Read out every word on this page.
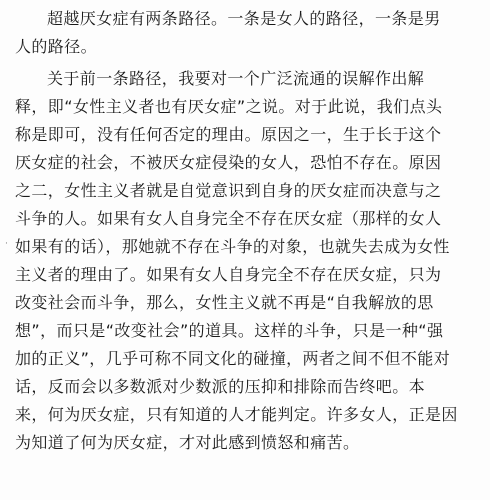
超越厌女症有两条路径。一条是女人的路径，一条是男
人的路径。
关于前一条路径，我要对一个广泛流通的误解作出解
释，即“女性主义者也有厌女症”之说。对于此说，我们点头
称是即可，没有任何否定的理由。原因之一，生于长于这个
厌女症的社会，不被厌女症侵染的女人，恐怕不存在。原因
之二，女性主义者就是自觉意识到自身的厌女症而决意与之
斗争的人。如果有女人自身完全不存在厌女症（那样的女人
如果有的话），那她就不存在斗争的对象，也就失去成为女性
主义者的理由了。如果有女人自身完全不存在厌女症，只为
改变社会而斗争，那么，女性主义就不再是“自我解放的思
想”，而只是“改变社会”的道具。这样的斗争，只是一种“强
加的正义”，几乎可称不同文化的碰撞，两者之间不但不能对
话，反而会以多数派对少数派的压抑和排除而告终吧。本
来，何为厌女症，只有知道的人才能判定。许多女人，正是因
为知道了何为厌女症，才对此感到愤怒和痛苦。
·
